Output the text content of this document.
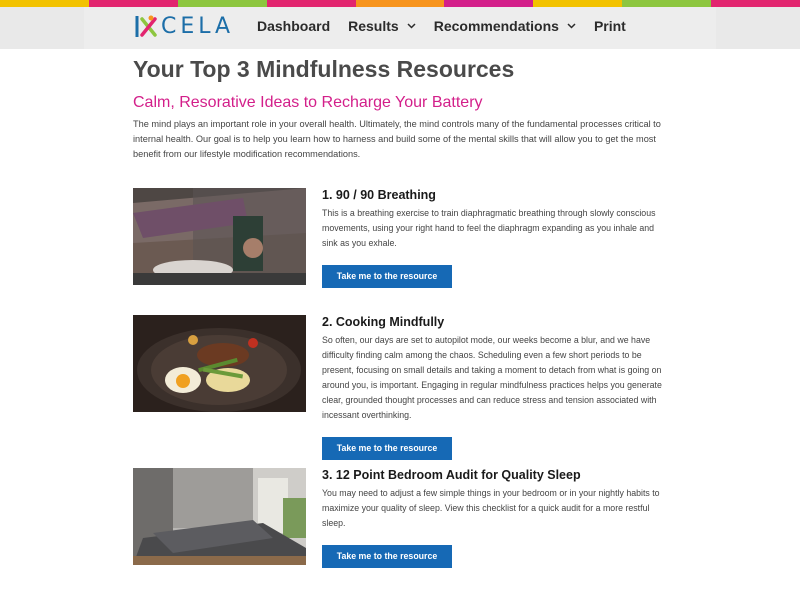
CELA Dashboard Results	Recommendations	Print
Your Top 3 Mindfulness Resources
Calm, Resorative Ideas to Recharge Your Battery

The mind plays an important role in your overall health. Ultimately, the mind controls many of the fundamental processes critical to internal health. Our goal is to help you learn how to harness and build some of the mental skills that will allow you to get the most benefit from our lifestyle modification recommendations.

1. 90 / 90 Breathing

This is a breathing exercise to train diaphragmatic breathing through slowly conscious movements, using your right hand to feel the diaphragm expanding as you inhale and sink as you exhale.

Take me to the resource
2. Cooking Mindfully

So often, our days are set to autopilot mode, our weeks become a blur, and we have difficulty finding calm among the chaos. Scheduling even a few short periods to be present, focusing on small details and taking a moment to detach from what is going on around you, is important. Engaging in regular mindfulness practices helps you generate clear, grounded thought processes and can reduce stress and tension associated with incessant overthinking.

Take me to the resource
3. 12 Point Bedroom Audit for Quality Sleep

You may need to adjust a few simple things in your bedroom or in your nightly habits to maximize your quality of sleep. View this checklist for a quick audit for a more restful sleep.

Take me to the resource
